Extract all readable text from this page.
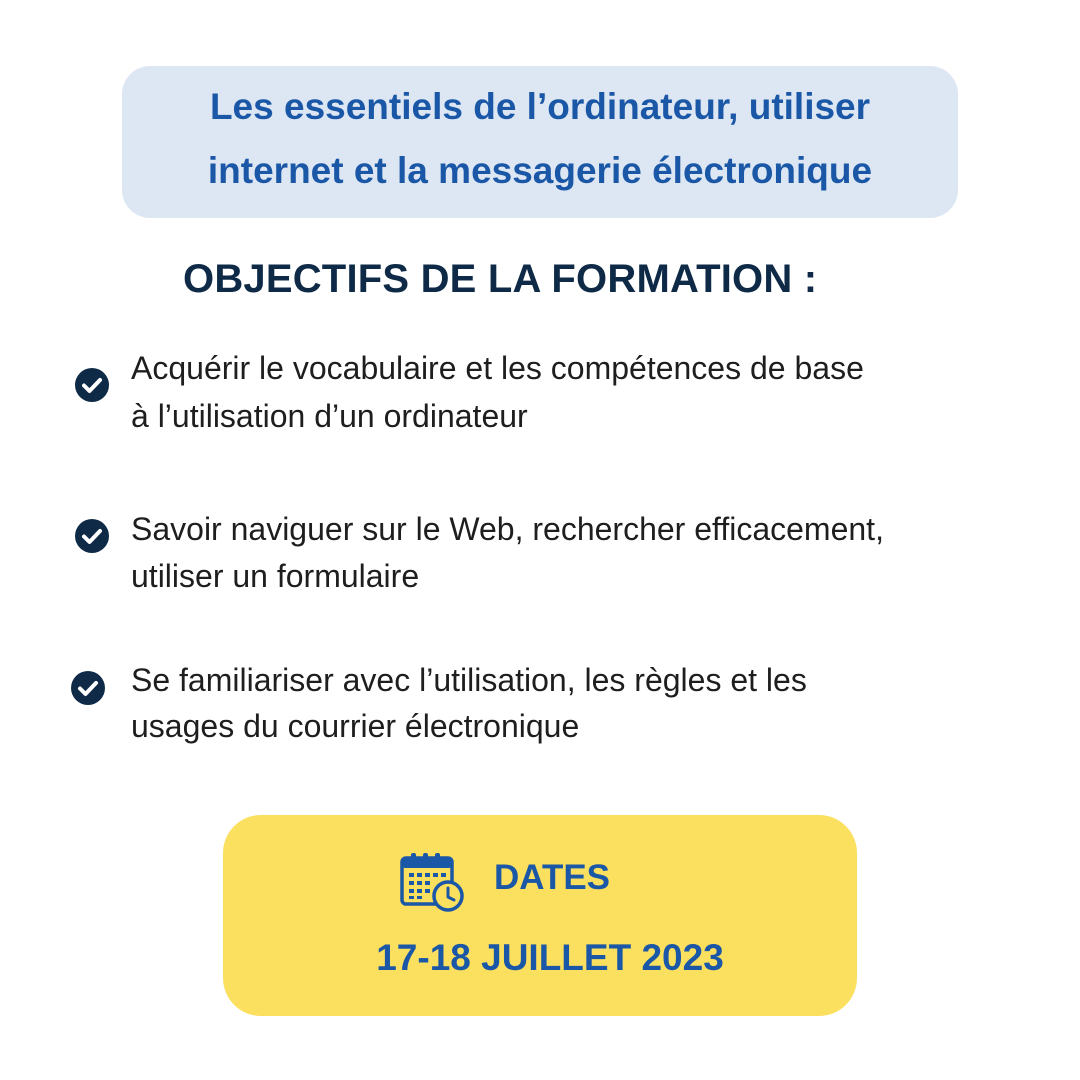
Les essentiels de l’ordinateur, utiliser
internet et la messagerie électronique
OBJECTIFS DE LA FORMATION :
Acquérir le vocabulaire et les compétences de base
à l’utilisation d’un ordinateur
Savoir naviguer sur le Web, rechercher efficacement,
utiliser un formulaire
Se familiariser avec l’utilisation, les règles et les
usages du courrier électronique
DATES
17-18 JUILLET 2023
